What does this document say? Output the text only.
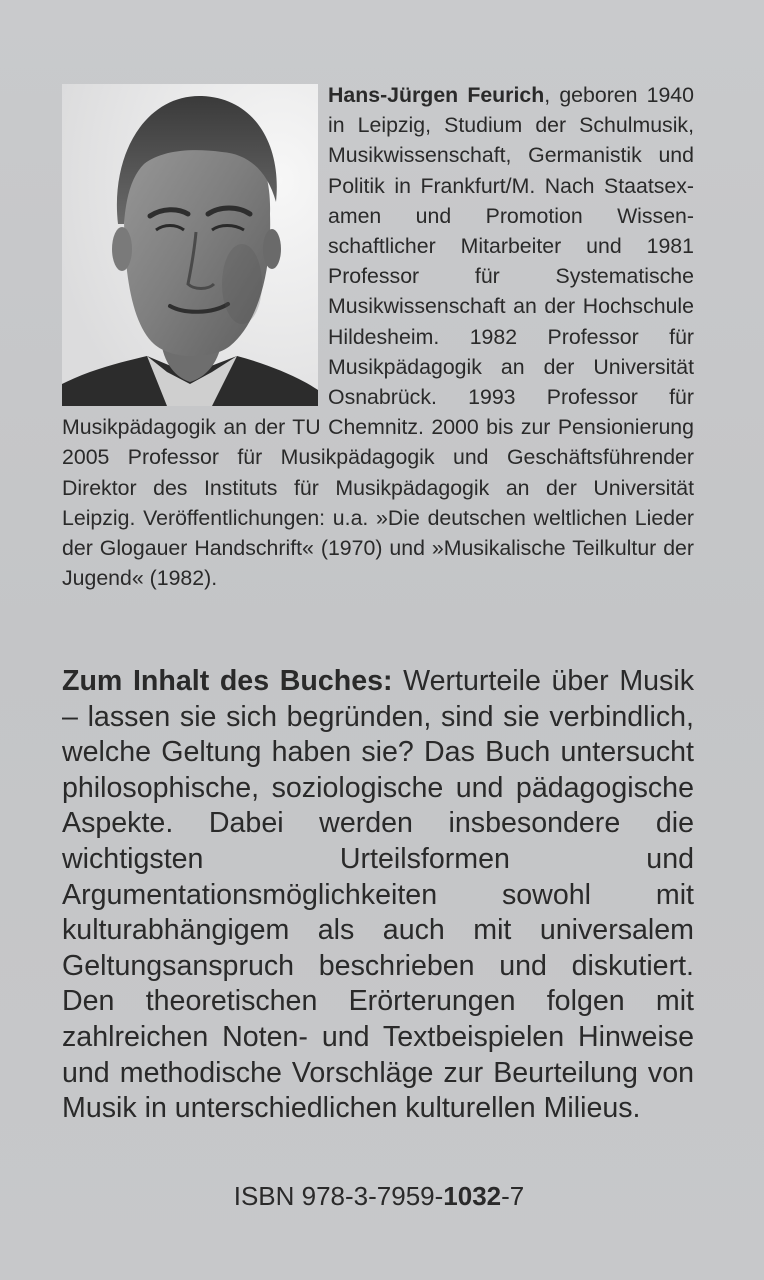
Hans-Jürgen Feurich, geboren 1940 in Leipzig, Studium der Schulmusik, Musikwissenschaft, Germanistik und Politik in Frankfurt/M. Nach Staatsexamen und Promotion Wissenschaftlicher Mitarbeiter und 1981 Professor für Systematische Musikwissenschaft an der Hochschule Hildesheim. 1982 Professor für Musikpädagogik an der Universität Osnabrück. 1993 Professor für Musikpädagogik an der TU Chemnitz. 2000 bis zur Pensionierung 2005 Professor für Musikpädagogik und Geschäftsführender Direktor des Instituts für Musikpädagogik an der Universität Leipzig. Veröffentlichungen: u.a. »Die deutschen weltlichen Lieder der Glogauer Handschrift« (1970) und »Musikalische Teilkultur der Jugend« (1982).
Zum Inhalt des Buches: Werturteile über Musik – lassen sie sich begründen, sind sie verbindlich, welche Geltung haben sie? Das Buch untersucht philosophische, soziologische und pädagogische Aspekte. Dabei werden insbesondere die wichtigsten Urteilsformen und Argumentationsmöglichkeiten sowohl mit kulturabhängigem als auch mit universalem Geltungsanspruch beschrieben und diskutiert. Den theoretischen Erörterungen folgen mit zahlreichen Noten- und Textbeispielen Hinweise und methodische Vorschläge zur Beurteilung von Musik in unterschiedlichen kulturellen Milieus.
ISBN 978-3-7959-1032-7
